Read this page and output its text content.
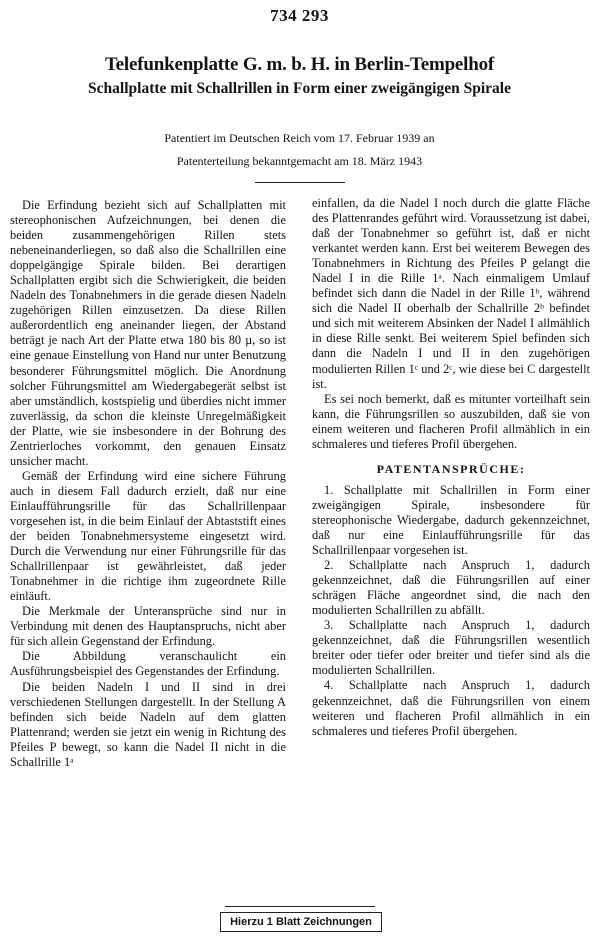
734 293
Telefunkenplatte G. m. b. H. in Berlin-Tempelhof
Schallplatte mit Schallrillen in Form einer zweigängigen Spirale
Patentiert im Deutschen Reich vom 17. Februar 1939 an
Patenterteilung bekanntgemacht am 18. März 1943

Die Erfindung bezieht sich auf Schallplatten mit stereophonischen Aufzeichnungen, bei denen die beiden zusammengehörigen Rillen stets nebeneinanderliegen, so daß also die Schallrillen eine doppelgängige Spirale bilden. Bei derartigen Schallplatten ergibt sich die Schwierigkeit, die beiden Nadeln des Tonabnehmers in die gerade diesen Nadeln zugehörigen Rillen einzusetzen. Da diese Rillen außerordentlich eng aneinander liegen, der Abstand beträgt je nach Art der Platte etwa 180 bis 80 µ, so ist eine genaue Einstellung von Hand nur unter Benutzung besonderer Führungsmittel möglich. Die Anordnung solcher Führungsmittel am Wiedergabegerät selbst ist aber umständlich, kostspielig und überdies nicht immer zuverlässig, da schon die kleinste Unregelmäßigkeit der Platte, wie sie insbesondere in der Bohrung des Zentrierloches vorkommt, den genauen Einsatz unsicher macht.

Gemäß der Erfindung wird eine sichere Führung auch in diesem Fall dadurch erzielt, daß nur eine Einlaufführungsrille für das Schallrillenpaar vorgesehen ist, in die beim Einlauf der Abtaststift eines der beiden Tonabnehmersysteme eingesetzt wird. Durch die Verwendung nur einer Führungsrille für das Schallrillenpaar ist gewährleistet, daß jeder Tonabnehmer in die richtige ihm zugeordnete Rille einläuft.

Die Merkmale der Unteransprüche sind nur in Verbindung mit denen des Hauptanspruchs, nicht aber für sich allein Gegenstand der Erfindung.

Die Abbildung veranschaulicht ein Ausführungsbeispiel des Gegenstandes der Erfindung.

Die beiden Nadeln I und II sind in drei verschiedenen Stellungen dargestellt. In der Stellung A befinden sich beide Nadeln auf dem glatten Plattenrand; werden sie jetzt ein wenig in Richtung des Pfeiles P bewegt, so kann die Nadel II nicht in die Schallrille 1ᵃ

einfallen, da die Nadel I noch durch die glatte Fläche des Plattenrandes geführt wird. Voraussetzung ist dabei, daß der Tonabnehmer so geführt ist, daß er nicht verkantet werden kann. Erst bei weiterem Bewegen des Tonabnehmers in Richtung des Pfeiles P gelangt die Nadel I in die Rille 1ᵃ. Nach einmaligem Umlauf befindet sich dann die Nadel in der Rille 1ᵇ, während sich die Nadel II oberhalb der Schallrille 2ᵇ befindet und sich mit weiterem Absinken der Nadel I allmählich in diese Rille senkt. Bei weiterem Spiel befinden sich dann die Nadeln I und II in den zugehörigen modulierten Rillen 1ᶜ und 2ᶜ, wie diese bei C dargestellt ist.

Es sei noch bemerkt, daß es mitunter vorteilhaft sein kann, die Führungsrillen so auszubilden, daß sie von einem weiteren und flacheren Profil allmählich in ein schmaleres und tieferes Profil übergehen.

PATENTANSPRÜCHE:

1. Schallplatte mit Schallrillen in Form einer zweigängigen Spirale, insbesondere für stereophonische Wiedergabe, dadurch gekennzeichnet, daß nur eine Einlaufführungsrille für das Schallrillenpaar vorgesehen ist.

2. Schallplatte nach Anspruch 1, dadurch gekennzeichnet, daß die Führungsrillen auf einer schrägen Fläche angeordnet sind, die nach den modulierten Schallrillen zu abfällt.

3. Schallplatte nach Anspruch 1, dadurch gekennzeichnet, daß die Führungsrillen wesentlich breiter oder tiefer oder breiter und tiefer sind als die modulierten Schallrillen.

4. Schallplatte nach Anspruch 1, dadurch gekennzeichnet, daß die Führungsrillen von einem weiteren und flacheren Profil allmählich in ein schmaleres und tieferes Profil übergehen.

Hierzu 1 Blatt Zeichnungen
